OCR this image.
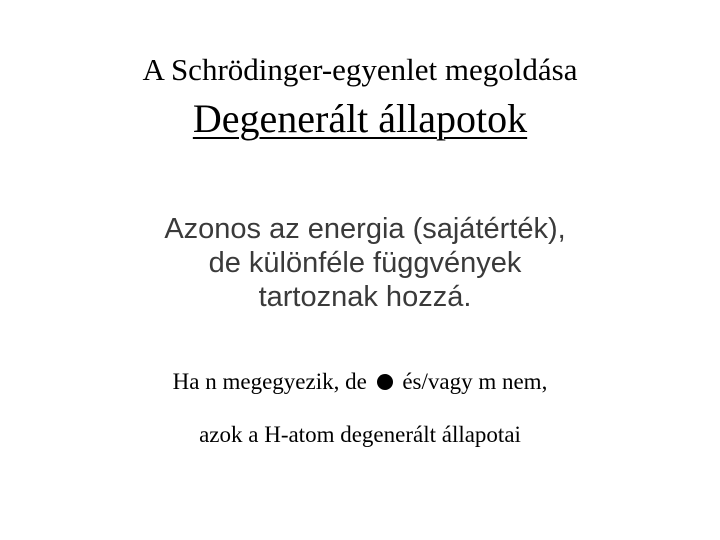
A Schrödinger-egyenlet megoldása
Degenerált állapotok
Azonos az energia (sajátérték),
de különféle függvények
tartoznak hozzá.
Ha n megegyezik, de és/vagy m nem,
azok a H-atom degenerált állapotai
